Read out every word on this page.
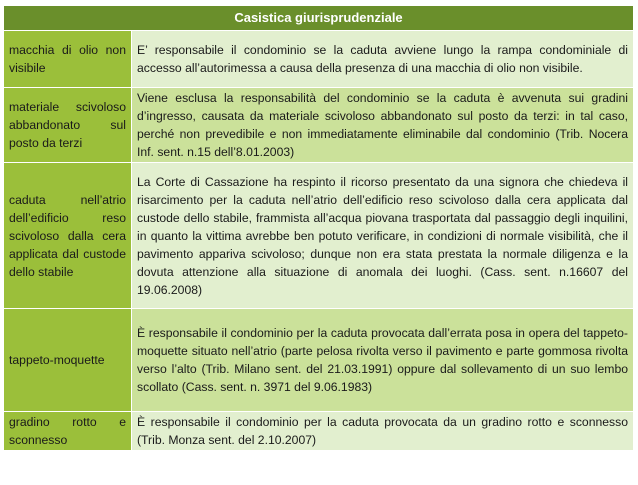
Casistica giurisprudenziale	
macchia di olio non visibile	E’ responsabile il condominio se la caduta avviene lungo la rampa condominiale di accesso all’autorimessa a causa della presenza di una macchia di olio non visibile.
materiale scivoloso abbandonato sul posto da terzi	Viene esclusa la responsabilità del condominio se la caduta è avvenuta sui gradini d’ingresso, causata da materiale scivoloso abbandonato sul posto da terzi: in tal caso, perché non prevedibile e non immediatamente eliminabile dal condominio (Trib. Nocera Inf. sent. n.15 dell’8.01.2003)
caduta nell’atrio dell’edificio reso scivoloso dalla cera applicata dal custode dello stabile	La Corte di Cassazione ha respinto il ricorso presentato da una signora che chiedeva il risarcimento per la caduta nell’atrio dell’edificio reso scivoloso dalla cera applicata dal custode dello stabile, frammista all’acqua piovana trasportata dal passaggio degli inquilini, in quanto la vittima avrebbe ben potuto verificare, in condizioni di normale visibilità, che il pavimento appariva scivoloso; dunque non era stata prestata la normale diligenza e la dovuta attenzione alla situazione di anomala dei luoghi. (Cass. sent. n.16607 del 19.06.2008)
tappeto-moquette	È responsabile il condominio per la caduta provocata dall’errata posa in opera del tappeto-moquette situato nell’atrio (parte pelosa rivolta verso il pavimento e parte gommosa rivolta verso l’alto (Trib. Milano sent. del 21.03.1991) oppure dal sollevamento di un suo lembo scollato (Cass. sent. n. 3971 del 9.06.1983)
gradino rotto e sconnesso	È responsabile il condominio per la caduta provocata da un gradino rotto e sconnesso (Trib. Monza sent. del 2.10.2007)
